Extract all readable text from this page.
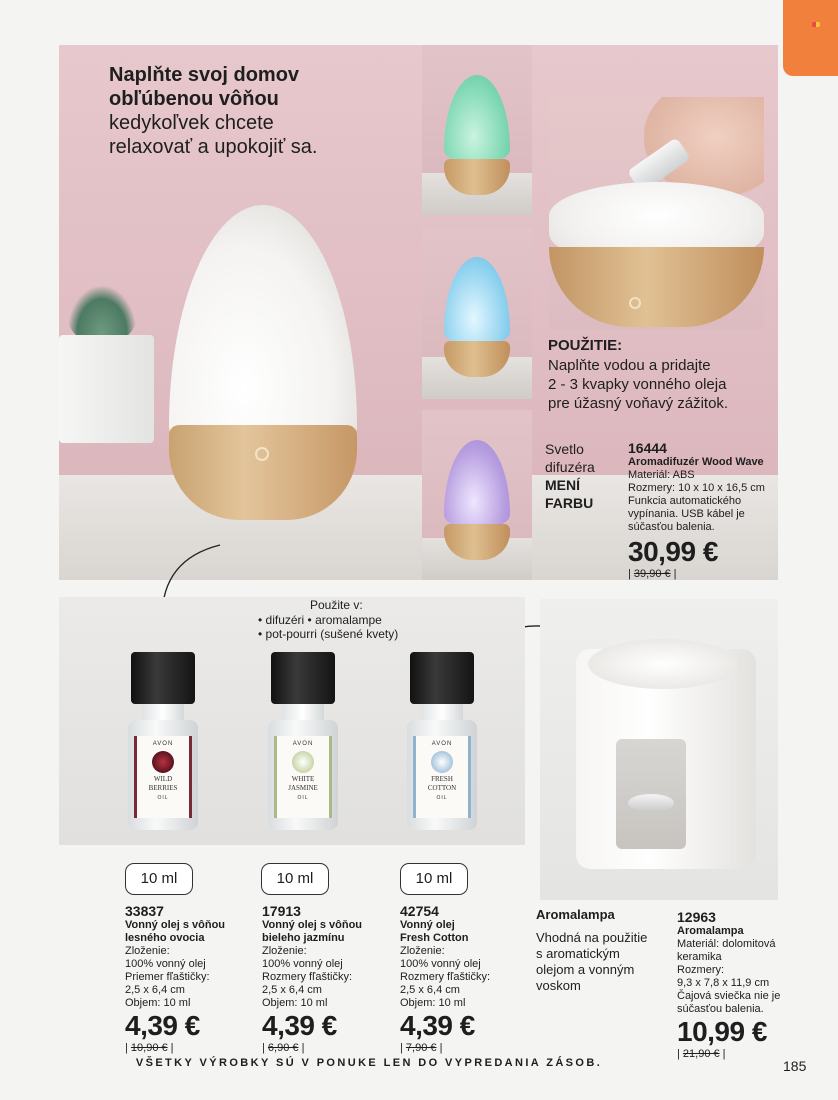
Naplňte svoj domov
obľúbenou vôňou
kedykoľvek chcete
relaxovať a upokojiť sa.
POUŽITIE:
Naplňte vodou a pridajte
2 - 3 kvapky vonného oleja
pre úžasný voňavý zážitok.
Svetlo
difuzéra
MENÍ
FARBU
16444
Aromadifuzér Wood Wave
Materiál: ABS
Rozmery: 10 x 10 x 16,5 cm
Funkcia automatického
vypínania. USB kábel je
súčasťou balenia.
30,99 €
| 39,90 € |
Použite v:
• difuzéri • aromalampe
• pot-pourri (sušené kvety)
AVON
WILD
BERRIES
OIL
AVON
WHITE
JASMINE
OIL
AVON
FRESH
COTTON
OIL
10 ml	10 ml	10 ml
33837
Vonný olej s vôňou
lesného ovocia
Zloženie:
100% vonný olej
Priemer fľaštičky:
2,5 x 6,4 cm
Objem: 10 ml
4,39 €
| 10,90 € |
17913
Vonný olej s vôňou
bieleho jazmínu
Zloženie:
100% vonný olej
Rozmery fľaštičky:
2,5 x 6,4 cm
Objem: 10 ml
4,39 €
| 6,90 € |
42754
Vonný olej
Fresh Cotton
Zloženie:
100% vonný olej
Rozmery fľaštičky:
2,5 x 6,4 cm
Objem: 10 ml
4,39 €
| 7,90 € |
Aromalampa
Vhodná na použitie
s aromatickým
olejom a vonným
voskom
12963
Aromalampa
Materiál: dolomitová
keramika
Rozmery:
9,3 x 7,8 x 11,9 cm
Čajová sviečka nie je
súčasťou balenia.
10,99 €
| 21,90 € |
VŠETKY VÝROBKY SÚ V PONUKE LEN DO VYPREDANIA ZÁSOB.	185
